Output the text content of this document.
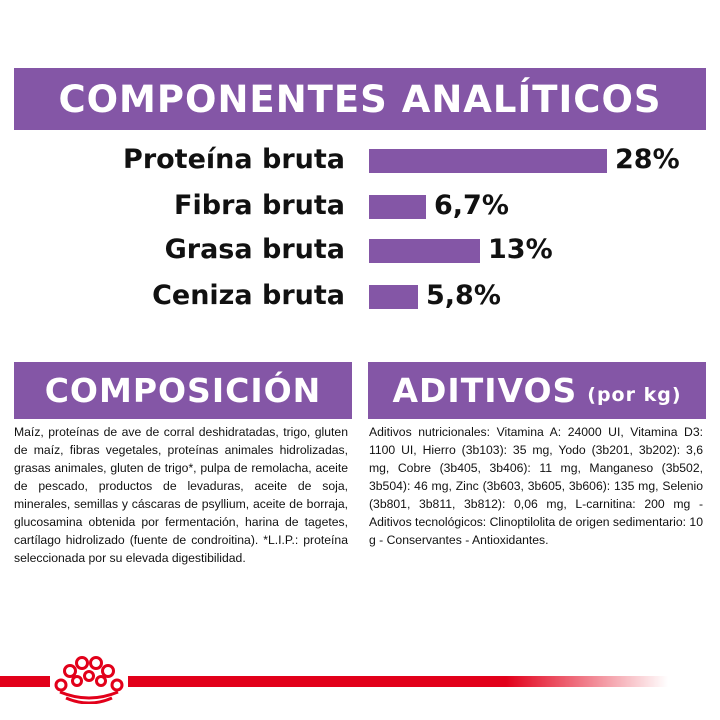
COMPONENTES ANALÍTICOS
Proteína bruta	28%
Fibra bruta	6,7%
Grasa bruta	13%
Ceniza bruta	5,8%
COMPOSICIÓN

Maíz, proteínas de ave de corral deshidratadas, trigo, gluten de maíz, fibras vegetales, proteínas animales hidrolizadas, grasas animales, gluten de trigo*, pulpa de remolacha, aceite de pescado, productos de levaduras, aceite de soja, minerales, semillas y cáscaras de psyllium, aceite de borraja, glucosamina obtenida por fermentación, harina de tagetes, cartílago hidrolizado (fuente de condroitina). *L.I.P.: proteína seleccionada por su elevada digestibilidad.

ADITIVOS (por kg)

Aditivos nutricionales: Vitamina A: 24000 UI, Vitamina D3: 1100 UI, Hierro (3b103): 35 mg, Yodo (3b201, 3b202): 3,6 mg, Cobre (3b405, 3b406): 11 mg, Manganeso (3b502, 3b504): 46 mg, Zinc (3b603, 3b605, 3b606): 135 mg, Selenio (3b801, 3b811, 3b812): 0,06 mg, L-carnitina: 200 mg - Aditivos tecnológicos: Clinoptilolita de origen sedimentario: 10 g - Conservantes - Antioxidantes.
